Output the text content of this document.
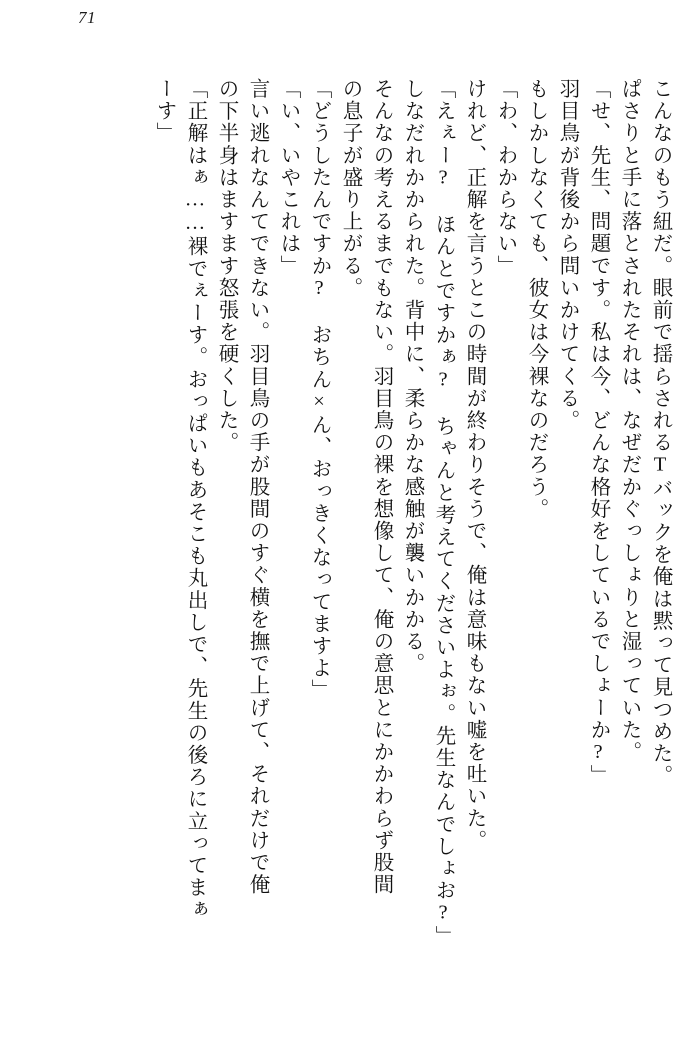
71
こんなのもう紐だ。眼前で揺らされるTバックを俺は黙って見つめた。
ぱさりと手に落とされたそれは、なぜだかぐっしょりと湿っていた。
「せ、先生、問題です。私は今、どんな格好をしているでしょーか?」
羽目鳥が背後から問いかけてくる。
もしかしなくても、彼女は今裸なのだろう。
「わ、わからない」
けれど、正解を言うとこの時間が終わりそうで、俺は意味もない嘘を吐いた。
「えぇー? ほんとですかぁ? ちゃんと考えてくださいよぉ。先生なんでしょお?」
しなだれかかられた。背中に、柔らかな感触が襲いかかる。
そんなの考えるまでもない。羽目鳥の裸を想像して、俺の意思とにかかわらず股間
の息子が盛り上がる。
「どうしたんですか? おちん×ん、おっきくなってますよ」
「い、いやこれは」
言い逃れなんてできない。羽目鳥の手が股間のすぐ横を撫で上げて、それだけで俺
の下半身はますます怒張を硬くした。
「正解はぁ……裸でぇーす。おっぱいもあそこも丸出しで、先生の後ろに立ってまぁ
ーす」
